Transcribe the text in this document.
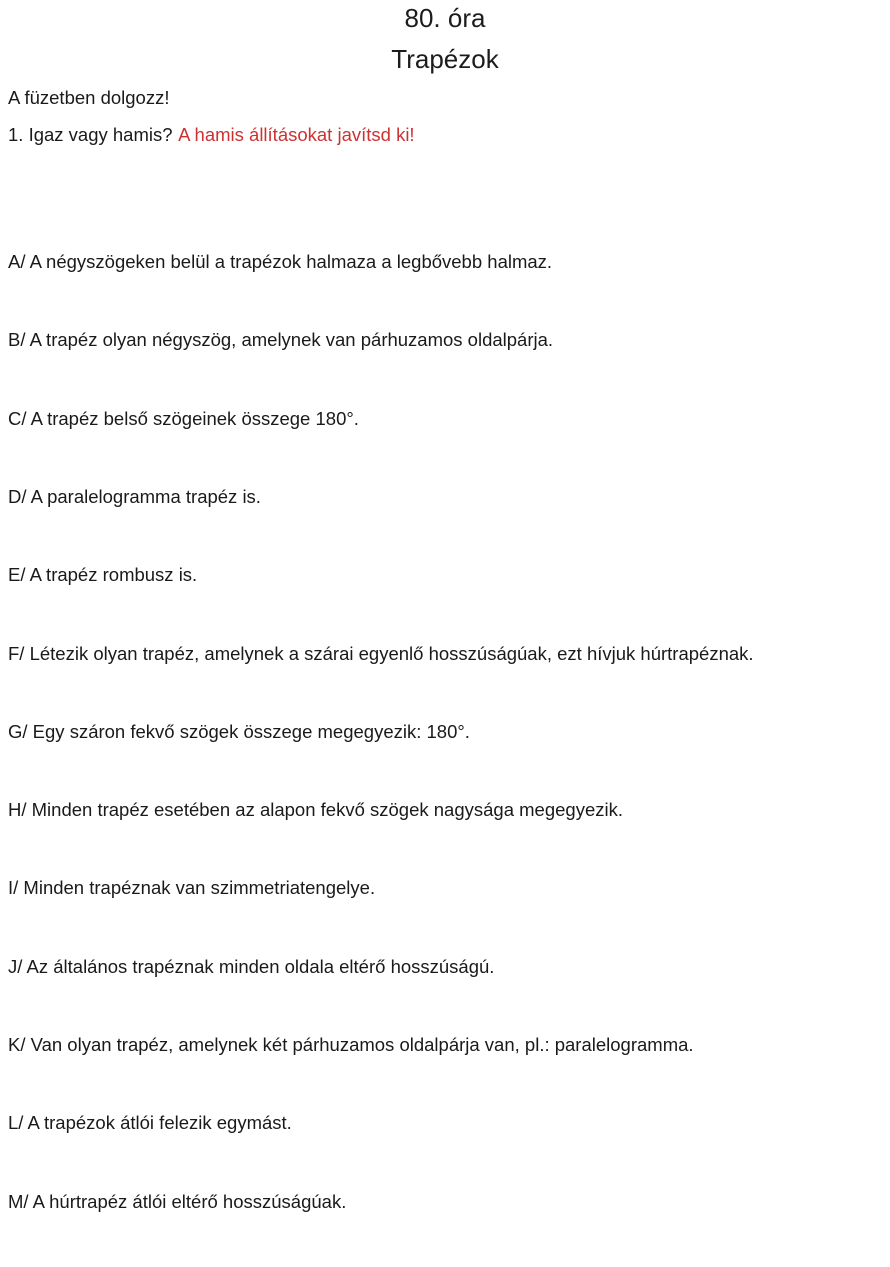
80. óra
Trapézok
A füzetben dolgozz!
1. Igaz vagy hamis? A hamis állításokat javítsd ki!

A/ A négyszögeken belül a trapézok halmaza a legbővebb halmaz.

B/ A trapéz olyan négyszög, amelynek van párhuzamos oldalpárja.

C/ A trapéz belső szögeinek összege 180°.

D/ A paralelogramma trapéz is.

E/ A trapéz rombusz is.

F/ Létezik olyan trapéz, amelynek a szárai egyenlő hosszúságúak, ezt hívjuk húrtrapéznak.

G/ Egy száron fekvő szögek összege megegyezik: 180°.

H/ Minden trapéz esetében az alapon fekvő szögek nagysága megegyezik.

I/ Minden trapéznak van szimmetriatengelye.

J/ Az általános trapéznak minden oldala eltérő hosszúságú.

K/ Van olyan trapéz, amelynek két párhuzamos oldalpárja van, pl.: paralelogramma.

L/ A trapézok átlói felezik egymást.

M/ A húrtrapéz átlói eltérő hosszúságúak.
